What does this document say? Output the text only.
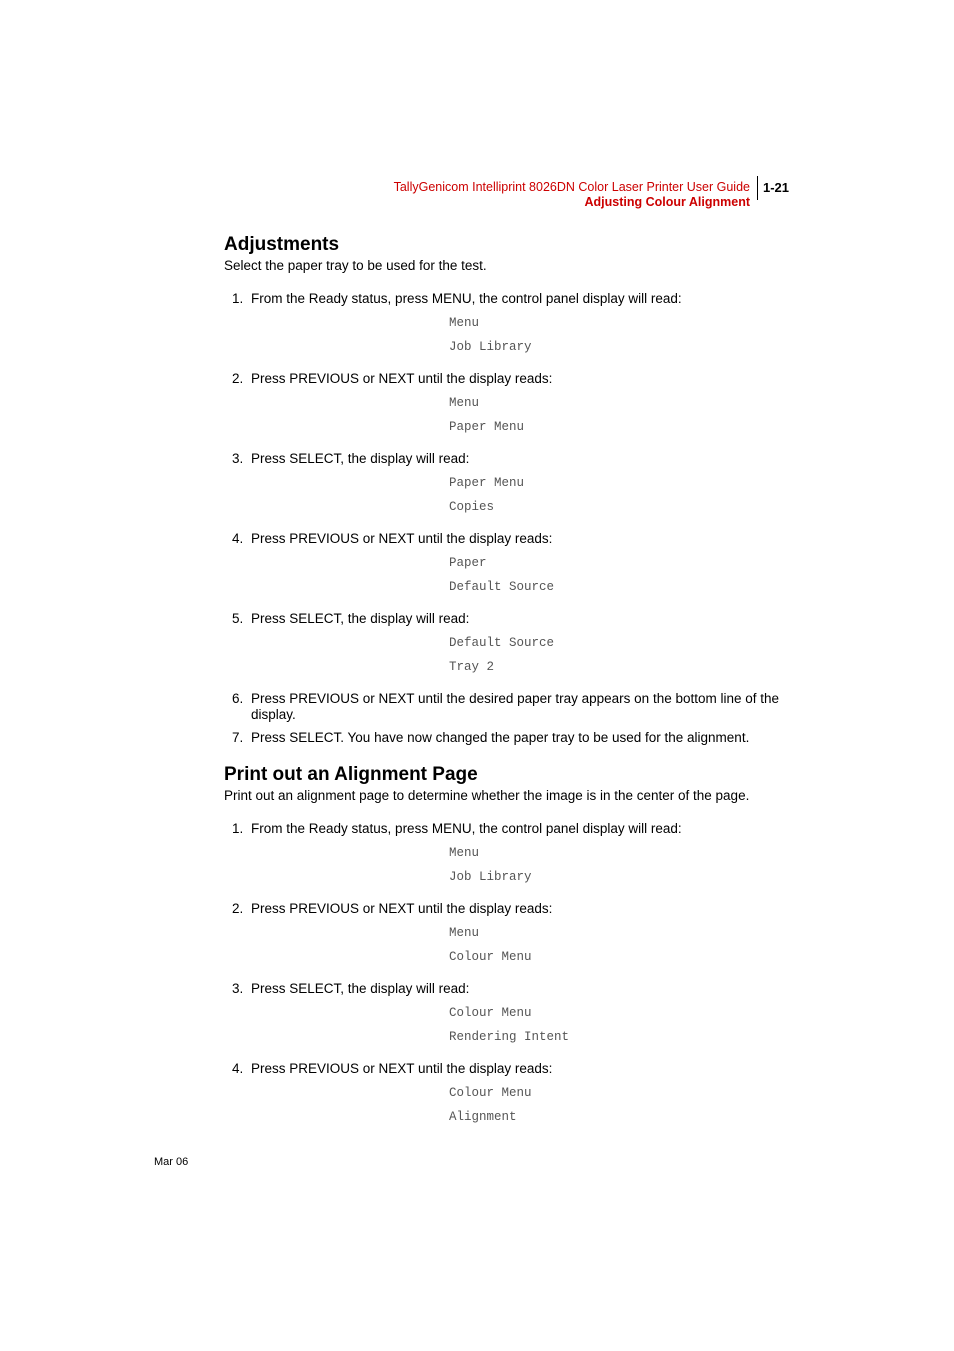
TallyGenicom Intelliprint 8026DN Color Laser Printer User Guide
Adjusting Colour Alignment
1-21
Adjustments

Select the paper tray to be used for the test.

1. From the Ready status, press MENU, the control panel display will read:
Menu
Job Library
2. Press PREVIOUS or NEXT until the display reads:
Menu
Paper Menu
3. Press SELECT, the display will read:
Paper Menu
Copies
4. Press PREVIOUS or NEXT until the display reads:
Paper
Default Source
5. Press SELECT, the display will read:
Default Source
Tray 2
6. Press PREVIOUS or NEXT until the desired paper tray appears on the bottom line of the display.
7. Press SELECT. You have now changed the paper tray to be used for the alignment.
Print out an Alignment Page

Print out an alignment page to determine whether the image is in the center of the page.

1. From the Ready status, press MENU, the control panel display will read:
Menu
Job Library
2. Press PREVIOUS or NEXT until the display reads:
Menu
Colour Menu
3. Press SELECT, the display will read:
Colour Menu
Rendering Intent
4. Press PREVIOUS or NEXT until the display reads:
Colour Menu
Alignment
Mar 06
